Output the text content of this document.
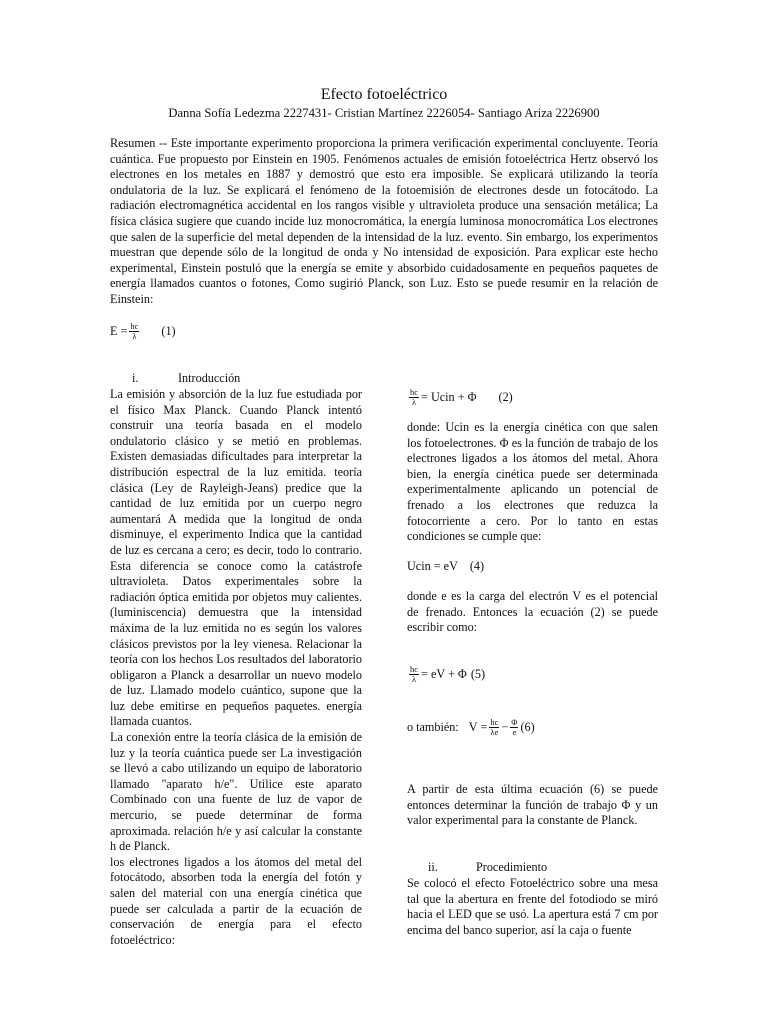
Efecto fotoeléctrico
Danna Sofía Ledezma 2227431- Cristian Martínez 2226054- Santiago Ariza 2226900
Resumen -- Este importante experimento proporciona la primera verificación experimental concluyente. Teoría cuántica. Fue propuesto por Einstein en 1905. Fenómenos actuales de emisión fotoeléctrica Hertz observó los electrones en los metales en 1887 y demostró que esto era imposible. Se explicará utilizando la teoría ondulatoria de la luz. Se explicará el fenómeno de la fotoemisión de electrones desde un fotocátodo. La radiación electromagnética accidental en los rangos visible y ultravioleta produce una sensación metálica; La física clásica sugiere que cuando incide luz monocromática, la energía luminosa monocromática Los electrones que salen de la superficie del metal dependen de la intensidad de la luz. evento. Sin embargo, los experimentos muestran que depende sólo de la longitud de onda y No intensidad de exposición. Para explicar este hecho experimental, Einstein postuló que la energía se emite y absorbido cuidadosamente en pequeños paquetes de energía llamados cuantos o fotones, Como sugirió Planck, son Luz. Esto se puede resumir en la relación de Einstein:
$E = \frac{hc}{\lambda} (1)$
i.	Introducción
La emisión y absorción de la luz fue estudiada por el físico Max Planck. Cuando Planck intentó construir una teoría basada en el modelo ondulatorio clásico y se metió en problemas. Existen demasiadas dificultades para interpretar la distribución espectral de la luz emitida. teoría clásica (Ley de Rayleigh-Jeans) predice que la cantidad de luz emitida por un cuerpo negro aumentará A medida que la longitud de onda disminuye, el experimento Indica que la cantidad de luz es cercana a cero; es decir, todo lo contrario. Esta diferencia se conoce como la catástrofe ultravioleta. Datos experimentales sobre la radiación óptica emitida por objetos muy calientes. (luminiscencia) demuestra que la intensidad máxima de la luz emitida no es según los valores clásicos previstos por la ley vienesa. Relacionar la teoría con los hechos Los resultados del laboratorio obligaron a Planck a desarrollar un nuevo modelo de luz. Llamado modelo cuántico, supone que la luz debe emitirse en pequeños paquetes. energía llamada cuantos.
La conexión entre la teoría clásica de la emisión de luz y la teoría cuántica puede ser La investigación se llevó a cabo utilizando un equipo de laboratorio llamado "aparato h/e". Utilice este aparato Combinado con una fuente de luz de vapor de mercurio, se puede determinar de forma aproximada. relación h/e y así calcular la constante h de Planck.
los electrones ligados a los átomos del metal del fotocátodo, absorben toda la energía del fotón y salen del material con una energía cinética que puede ser calculada a partir de la ecuación de conservación de energía para el efecto fotoeléctrico:
$\frac{hc}{\lambda}$ = Ucin + Φ (2)
donde: Ucin es la energía cinética con que salen los fotoelectrones. Φ es la función de trabajo de los electrones ligados a los átomos del metal. Ahora bien, la energía cinética puede ser determinada experimentalmente aplicando un potencial de frenado a los electrones que reduzca la fotocorriente a cero. Por lo tanto en estas condiciones se cumple que:
Ucin = eV (4)
donde e es la carga del electrón V es el potencial de frenado. Entonces la ecuación (2) se puede escribir como:
$\frac{hc}{\lambda}$ = eV + Φ (5)
o también: $V = \frac{hc}{\lambda e} - \frac{\Phi}{e} (6)$
A partir de esta última ecuación (6) se puede entonces determinar la función de trabajo Φ y un valor experimental para la constante de Planck.
ii.	Procedimiento
Se colocó el efecto Fotoeléctrico sobre una mesa tal que la abertura en frente del fotodiodo se miró hacia el LED que se usó. La apertura está 7 cm por encima del banco superior, así la caja o fuente
